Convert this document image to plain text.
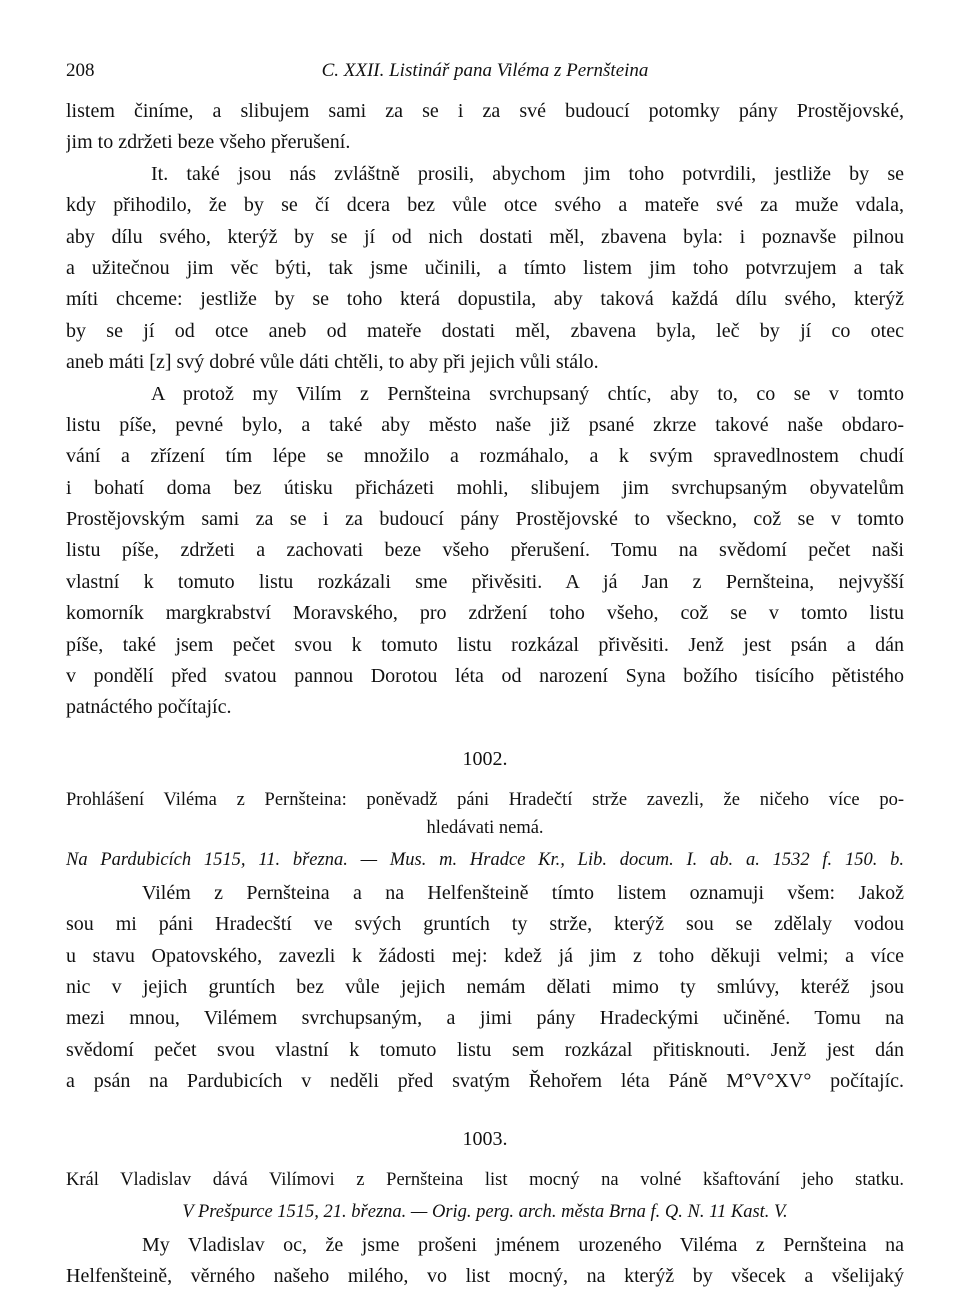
208	C. XXII. Listinář pana Viléma z Pernšteina
listem činíme, a slibujem sami za se i za své budoucí potomky pány Prostějovské,
jim to zdržeti beze všeho přerušení.
It. také jsou nás zvláštně prosili, abychom jim toho potvrdili, jestliže by se
kdy přihodilo, že by se čí dcera bez vůle otce svého a mateře své za muže vdala,
aby dílu svého, kterýž by se jí od nich dostati měl, zbavena byla: i poznavše pilnou
a užitečnou jim věc býti, tak jsme učinili, a tímto listem jim toho potvrzujem a tak
míti chceme: jestliže by se toho která dopustila, aby taková každá dílu svého, kterýž
by se jí od otce aneb od mateře dostati měl, zbavena byla, leč by jí co otec
aneb máti [z] svý dobré vůle dáti chtěli, to aby při jejich vůli stálo.
A protož my Vilím z Pernšteina svrchupsaný chtíc, aby to, co se v tomto
listu píše, pevné bylo, a také aby město naše již psané zkrze takové naše obdaro-
vání a zřízení tím lépe se množilo a rozmáhalo, a k svým spravedlnostem chudí
i bohatí doma bez útisku přicházeti mohli, slibujem jim svrchupsaným obyvatelům
Prostějovským sami za se i za budoucí pány Prostějovské to všeckno, což se v tomto
listu píše, zdržeti a zachovati beze všeho přerušení. Tomu na svědomí pečet naši
vlastní k tomuto listu rozkázali sme přivěsiti. A já Jan z Pernšteina, nejvyšší
komorník margkrabství Moravského, pro zdržení toho všeho, což se v tomto listu
píše, také jsem pečet svou k tomuto listu rozkázal přivěsiti. Jenž jest psán a dán
v pondělí před svatou pannou Dorotou léta od narození Syna božího tisícího pětistého
patnáctého počítajíc.
1002.
Prohlášení Viléma z Pernšteina: poněvadž páni Hradečtí strže zavezli, že ničeho více po-
hledávati nemá.
Na Pardubicích 1515, 11. března. — Mus. m. Hradce Kr., Lib. docum. I. ab. a. 1532 f. 150. b.
Vilém z Pernšteina a na Helfenšteině tímto listem oznamuji všem: Jakož
sou mi páni Hradecští ve svých gruntích ty strže, kterýž sou se zdělaly vodou
u stavu Opatovského, zavezli k žádosti mej: kdež já jim z toho děkuji velmi; a více
nic v jejich gruntích bez vůle jejich nemám dělati mimo ty smlúvy, kteréž jsou
mezi mnou, Vilémem svrchupsaným, a jimi pány Hradeckými učiněné. Tomu na
svědomí pečet svou vlastní k tomuto listu sem rozkázal přitisknouti. Jenž jest dán
a psán na Pardubicích v neděli před svatým Řehořem léta Páně M°V°XV° počítajíc.
1003.
Král Vladislav dává Vilímovi z Pernšteina list mocný na volné kšaftování jeho statku.
V Prešpurce 1515, 21. března. — Orig. perg. arch. města Brna f. Q. N. 11 Kast. V.
My Vladislav oc, že jsme prošeni jménem urozeného Viléma z Pernšteina na
Helfenšteině, věrného našeho milého, vo list mocný, na kterýž by všecek a všelijaký
